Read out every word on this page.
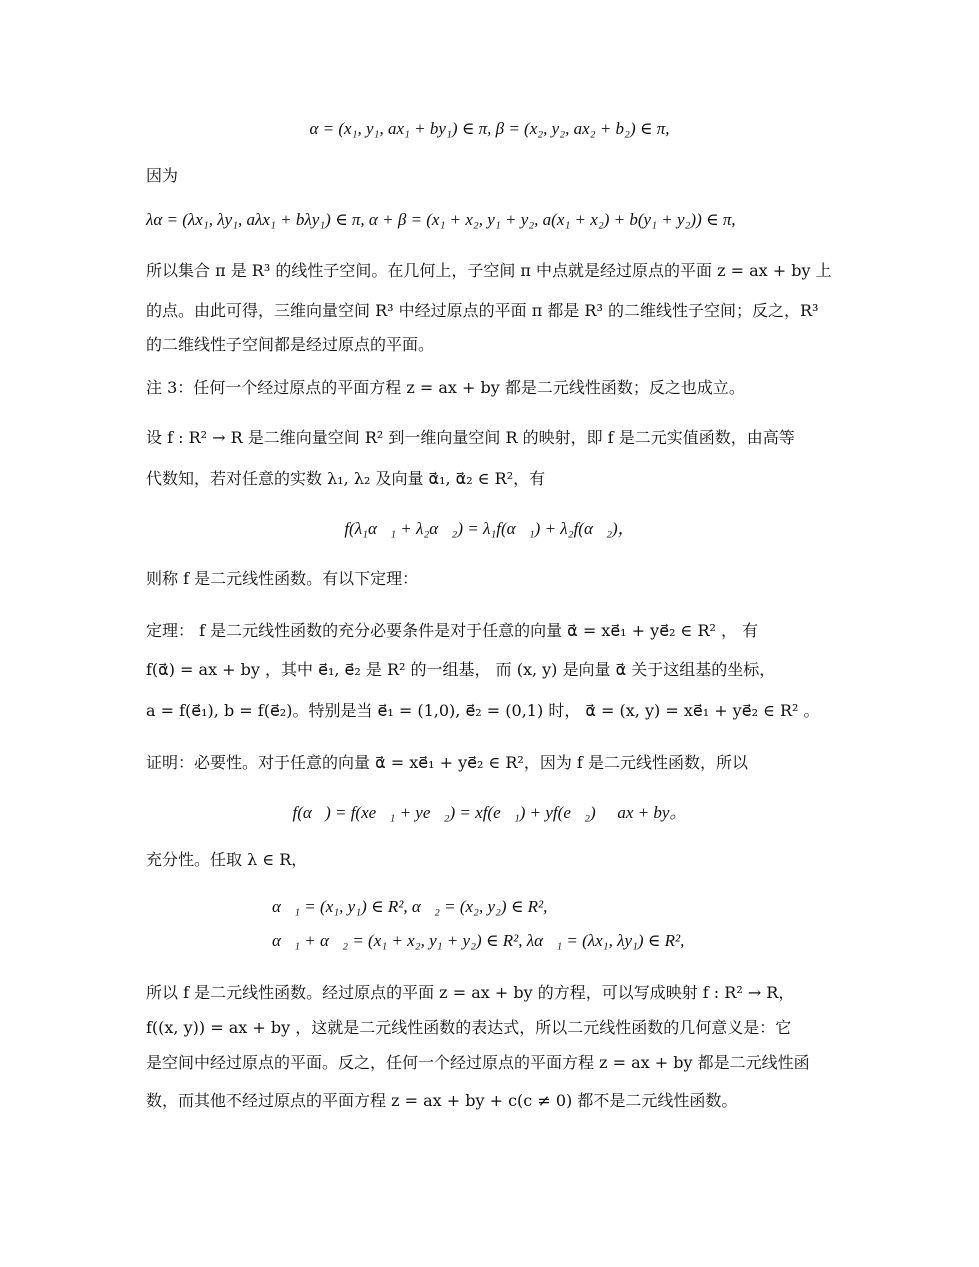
α = (x₁, y₁, ax₁ + by₁) ∈ π, β = (x₂, y₂, ax₂ + b₂) ∈ π,
因为
λα = (λx₁, λy₁, aλx₁ + bλy₁) ∈ π, α + β = (x₁ + x₂, y₁ + y₂, a(x₁ + x₂) + b(y₁ + y₂)) ∈ π,
所以集合 π 是 R³ 的线性子空间。在几何上，子空间 π 中点就是经过原点的平面 z = ax + by 上
的点。由此可得，三维向量空间 R³ 中经过原点的平面 π 都是 R³ 的二维线性子空间；反之，R³
的二维线性子空间都是经过原点的平面。
注 3：任何一个经过原点的平面方程 z = ax + by 都是二元线性函数；反之也成立。
设 f : R² → R 是二维向量空间 R² 到一维向量空间 R 的映射，即 f 是二元实值函数，由高等
代数知，若对任意的实数 λ₁, λ₂ 及向量 α⃗₁, α⃗₂ ∈ R²，有
f(λ₁α⃗₁ + λ₂α⃗₂) = λ₁f(α⃗₁) + λ₂f(α⃗₂)，
则称 f 是二元线性函数。有以下定理：
定理： f 是二元线性函数的充分必要条件是对于任意的向量 α⃗ = xe⃗₁ + ye⃗₂ ∈ R² ， 有
f(α⃗) = ax + by ，其中 e⃗₁, e⃗₂ 是 R² 的一组基， 而 (x, y) 是向量 α⃗ 关于这组基的坐标，
a = f(e⃗₁), b = f(e⃗₂)。特别是当 e⃗₁ = (1,0), e⃗₂ = (0,1) 时， α⃗ = (x, y) = xe⃗₁ + ye⃗₂ ∈ R² 。
证明：必要性。对于任意的向量 α⃗ = xe⃗₁ + ye⃗₂ ∈ R²，因为 f 是二元线性函数，所以
f(α⃗) = f(xe⃗₁ + ye⃗₂) = xf(e⃗₁) + yf(e⃗₂) ≜ ax + by。
充分性。任取 λ ∈ R，
α⃗₁ = (x₁, y₁) ∈ R², α⃗₂ = (x₂, y₂) ∈ R²,
α⃗₁ + α⃗₂ = (x₁ + x₂, y₁ + y₂) ∈ R², λα⃗₁ = (λx₁, λy₁) ∈ R²,
所以 f 是二元线性函数。经过原点的平面 z = ax + by 的方程，可以写成映射 f : R² → R，
f((x, y)) = ax + by ，这就是二元线性函数的表达式，所以二元线性函数的几何意义是：它
是空间中经过原点的平面。反之，任何一个经过原点的平面方程 z = ax + by 都是二元线性函
数，而其他不经过原点的平面方程 z = ax + by + c(c ≠ 0) 都不是二元线性函数。
